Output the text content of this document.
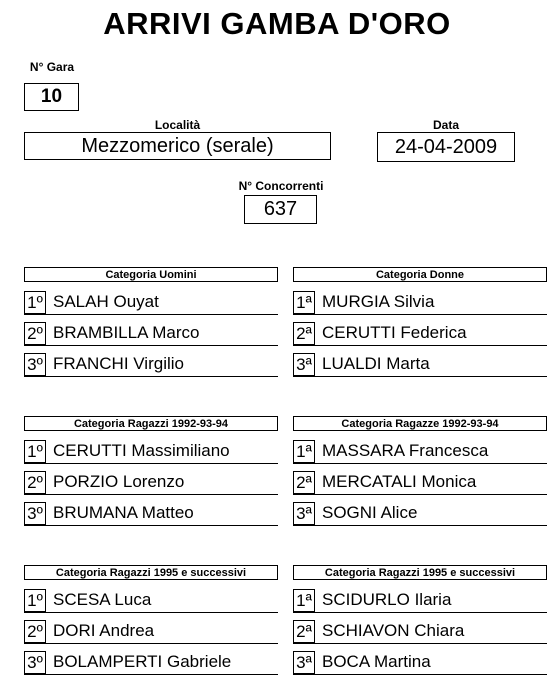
ARRIVI GAMBA D'ORO
N° Gara
10
Località
Mezzomerico (serale)
Data
24-04-2009
N° Concorrenti
637
Categoria Uomini
1º SALAH Ouyat
2º BRAMBILLA Marco
3º FRANCHI Virgilio
Categoria Donne
1ª MURGIA Silvia
2ª CERUTTI Federica
3ª LUALDI Marta
Categoria Ragazzi 1992-93-94
1º CERUTTI Massimiliano
2º PORZIO Lorenzo
3º BRUMANA Matteo
Categoria Ragazze 1992-93-94
1ª MASSARA Francesca
2ª MERCATALI Monica
3ª SOGNI Alice
Categoria Ragazzi 1995 e successivi
1º SCESA Luca
2º DORI Andrea
3º BOLAMPERTI Gabriele
Categoria Ragazzi 1995 e successivi
1ª SCIDURLO Ilaria
2ª SCHIAVON Chiara
3ª BOCA Martina
